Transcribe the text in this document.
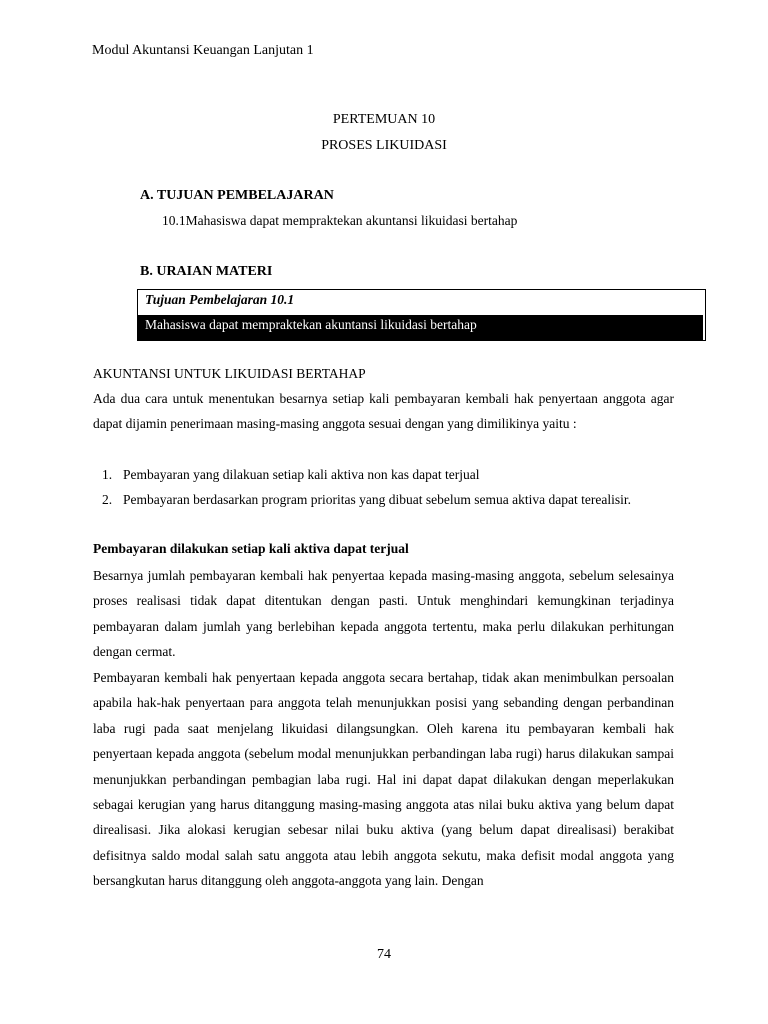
Modul Akuntansi Keuangan Lanjutan 1
PERTEMUAN 10
PROSES LIKUIDASI
A. TUJUAN PEMBELAJARAN
10.1Mahasiswa dapat mempraktekan akuntansi likuidasi bertahap
B. URAIAN MATERI
Tujuan Pembelajaran 10.1
Mahasiswa dapat mempraktekan akuntansi likuidasi bertahap
AKUNTANSI UNTUK LIKUIDASI BERTAHAP
Ada dua cara untuk menentukan besarnya setiap kali pembayaran kembali hak penyertaan anggota agar dapat dijamin penerimaan masing-masing anggota sesuai dengan yang dimilikinya yaitu :
1. Pembayaran yang dilakuan setiap kali aktiva non kas dapat terjual
2. Pembayaran berdasarkan program prioritas yang dibuat sebelum semua aktiva dapat terealisir.
Pembayaran dilakukan setiap kali aktiva dapat terjual
Besarnya jumlah pembayaran kembali hak penyertaa kepada masing-masing anggota, sebelum selesainya proses realisasi tidak dapat ditentukan dengan pasti. Untuk menghindari kemungkinan terjadinya pembayaran dalam jumlah yang berlebihan kepada anggota tertentu, maka perlu dilakukan perhitungan dengan cermat.
Pembayaran kembali hak penyertaan kepada anggota secara bertahap, tidak akan menimbulkan persoalan apabila hak-hak penyertaan para anggota telah menunjukkan posisi yang sebanding dengan perbandinan laba rugi pada saat menjelang likuidasi dilangsungkan. Oleh karena itu pembayaran kembali hak penyertaan kepada anggota (sebelum modal menunjukkan perbandingan laba rugi) harus dilakukan sampai menunjukkan perbandingan pembagian laba rugi. Hal ini dapat dapat dilakukan dengan meperlakukan sebagai kerugian yang harus ditanggung masing-masing anggota atas nilai buku aktiva yang belum dapat direalisasi. Jika alokasi kerugian sebesar nilai buku aktiva (yang belum dapat direalisasi) berakibat defisitnya saldo modal salah satu anggota atau lebih anggota sekutu, maka defisit modal anggota yang bersangkutan harus ditanggung oleh anggota-anggota yang lain. Dengan
74
